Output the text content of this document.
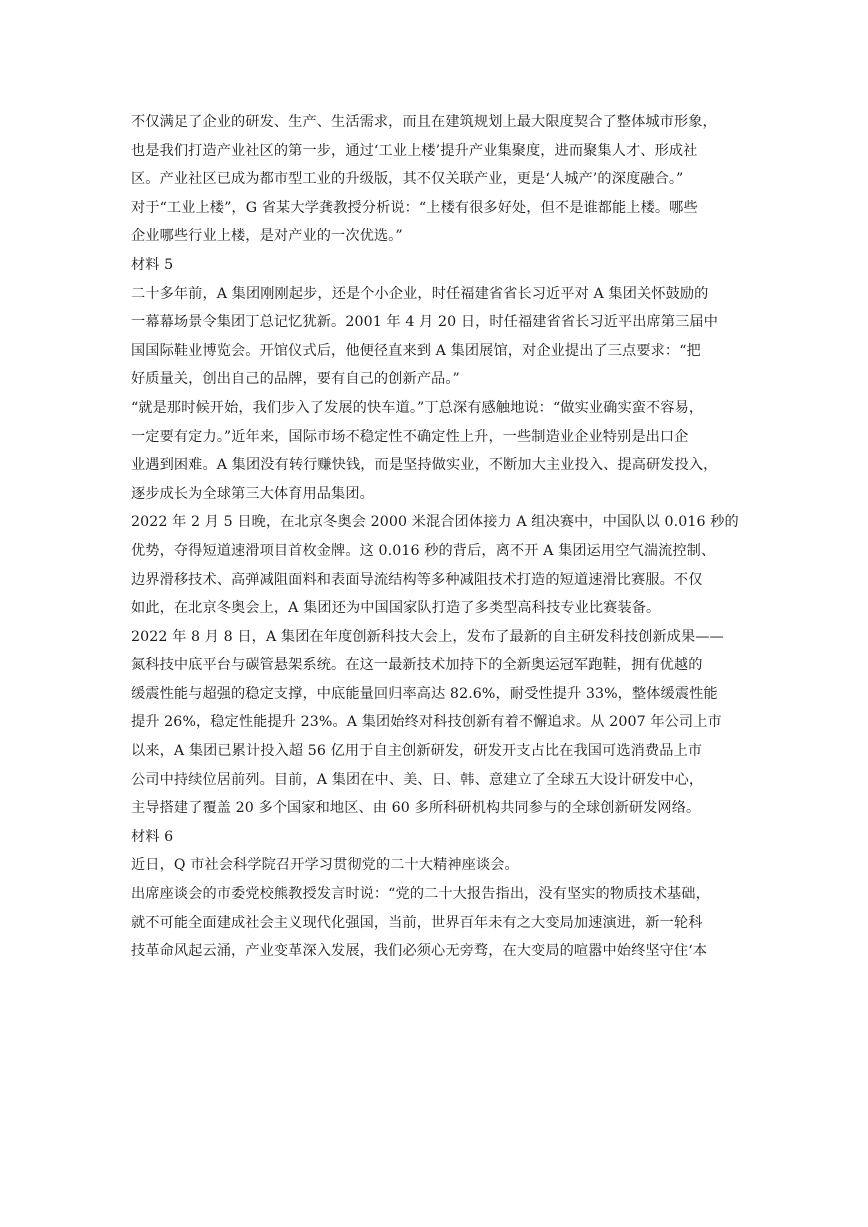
不仅满足了企业的研发、生产、生活需求，而且在建筑规划上最大限度契合了整体城市形象，
也是我们打造产业社区的第一步，通过‘工业上楼’提升产业集聚度，进而聚集人才、形成社
区。产业社区已成为都市型工业的升级版，其不仅关联产业，更是‘人城产’的深度融合。”
对于“工业上楼”，G 省某大学龚教授分析说：“上楼有很多好处，但不是谁都能上楼。哪些
企业哪些行业上楼，是对产业的一次优选。”
材料 5
二十多年前，A 集团刚刚起步，还是个小企业，时任福建省省长习近平对 A 集团关怀鼓励的
一幕幕场景令集团丁总记忆犹新。2001 年 4 月 20 日，时任福建省省长习近平出席第三届中
国国际鞋业博览会。开馆仪式后，他便径直来到 A 集团展馆，对企业提出了三点要求：“把
好质量关，创出自己的品牌，要有自己的创新产品。”
“就是那时候开始，我们步入了发展的快车道。”丁总深有感触地说：“做实业确实蛮不容易，
一定要有定力。”近年来，国际市场不稳定性不确定性上升，一些制造业企业特别是出口企
业遇到困难。A 集团没有转行赚快钱，而是坚持做实业，不断加大主业投入、提高研发投入，
逐步成长为全球第三大体育用品集团。
2022 年 2 月 5 日晚，在北京冬奥会 2000 米混合团体接力 A 组决赛中，中国队以 0.016 秒的
优势，夺得短道速滑项目首枚金牌。这 0.016 秒的背后，离不开 A 集团运用空气湍流控制、
边界滑移技术、高弹减阻面料和表面导流结构等多种减阻技术打造的短道速滑比赛服。不仅
如此，在北京冬奥会上，A 集团还为中国国家队打造了多类型高科技专业比赛装备。
2022 年 8 月 8 日，A 集团在年度创新科技大会上，发布了最新的自主研发科技创新成果——
氮科技中底平台与碳管悬架系统。在这一最新技术加持下的全新奥运冠军跑鞋，拥有优越的
缓震性能与超强的稳定支撑，中底能量回归率高达 82.6%，耐受性提升 33%，整体缓震性能
提升 26%，稳定性能提升 23%。A 集团始终对科技创新有着不懈追求。从 2007 年公司上市
以来，A 集团已累计投入超 56 亿用于自主创新研发，研发开支占比在我国可选消费品上市
公司中持续位居前列。目前，A 集团在中、美、日、韩、意建立了全球五大设计研发中心，
主导搭建了覆盖 20 多个国家和地区、由 60 多所科研机构共同参与的全球创新研发网络。
材料 6
近日，Q 市社会科学院召开学习贯彻党的二十大精神座谈会。
出席座谈会的市委党校熊教授发言时说：“党的二十大报告指出，没有坚实的物质技术基础，
就不可能全面建成社会主义现代化强国，当前，世界百年未有之大变局加速演进，新一轮科
技革命风起云涌，产业变革深入发展，我们必须心无旁骛，在大变局的喧嚣中始终坚守住‘本
